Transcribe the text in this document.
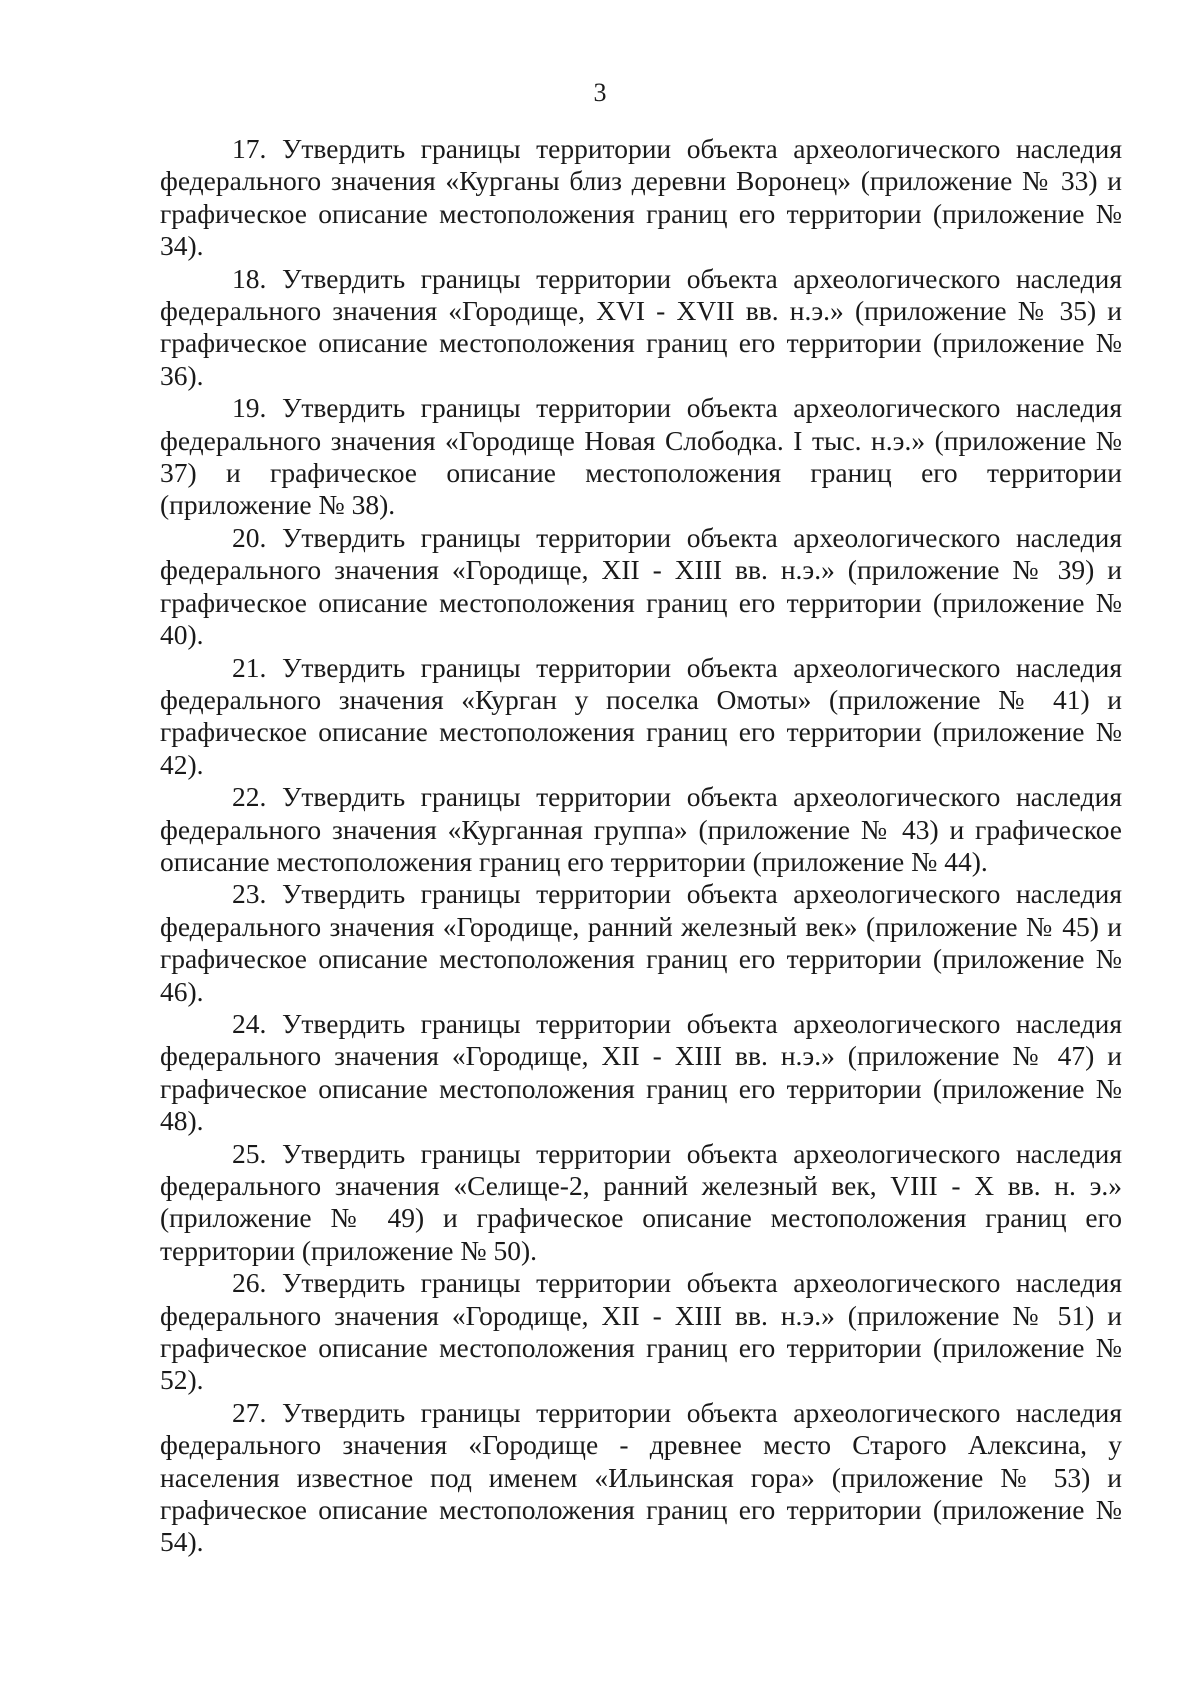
3

17. Утвердить границы территории объекта археологического наследия федерального значения «Курганы близ деревни Воронец» (приложение № 33) и графическое описание местоположения границ его территории (приложение № 34).

18. Утвердить границы территории объекта археологического наследия федерального значения «Городище, XVI - XVII вв. н.э.» (приложение № 35) и графическое описание местоположения границ его территории (приложение № 36).

19. Утвердить границы территории объекта археологического наследия федерального значения «Городище Новая Слободка. I тыс. н.э.» (приложение № 37) и графическое описание местоположения границ его территории (приложение № 38).

20. Утвердить границы территории объекта археологического наследия федерального значения «Городище, XII - XIII вв. н.э.» (приложение № 39) и графическое описание местоположения границ его территории (приложение № 40).

21. Утвердить границы территории объекта археологического наследия федерального значения «Курган у поселка Омоты» (приложение № 41) и графическое описание местоположения границ его территории (приложение № 42).

22. Утвердить границы территории объекта археологического наследия федерального значения «Курганная группа» (приложение № 43) и графическое описание местоположения границ его территории (приложение № 44).

23. Утвердить границы территории объекта археологического наследия федерального значения «Городище, ранний железный век» (приложение № 45) и графическое описание местоположения границ его территории (приложение № 46).

24. Утвердить границы территории объекта археологического наследия федерального значения «Городище, XII - XIII вв. н.э.» (приложение № 47) и графическое описание местоположения границ его территории (приложение № 48).

25. Утвердить границы территории объекта археологического наследия федерального значения «Селище-2, ранний железный век, VIII - X вв. н. э.» (приложение № 49) и графическое описание местоположения границ его территории (приложение № 50).

26. Утвердить границы территории объекта археологического наследия федерального значения «Городище, XII - XIII вв. н.э.» (приложение № 51) и графическое описание местоположения границ его территории (приложение № 52).

27. Утвердить границы территории объекта археологического наследия федерального значения «Городище - древнее место Старого Алексина, у населения известное под именем «Ильинская гора» (приложение № 53) и графическое описание местоположения границ его территории (приложение № 54).
